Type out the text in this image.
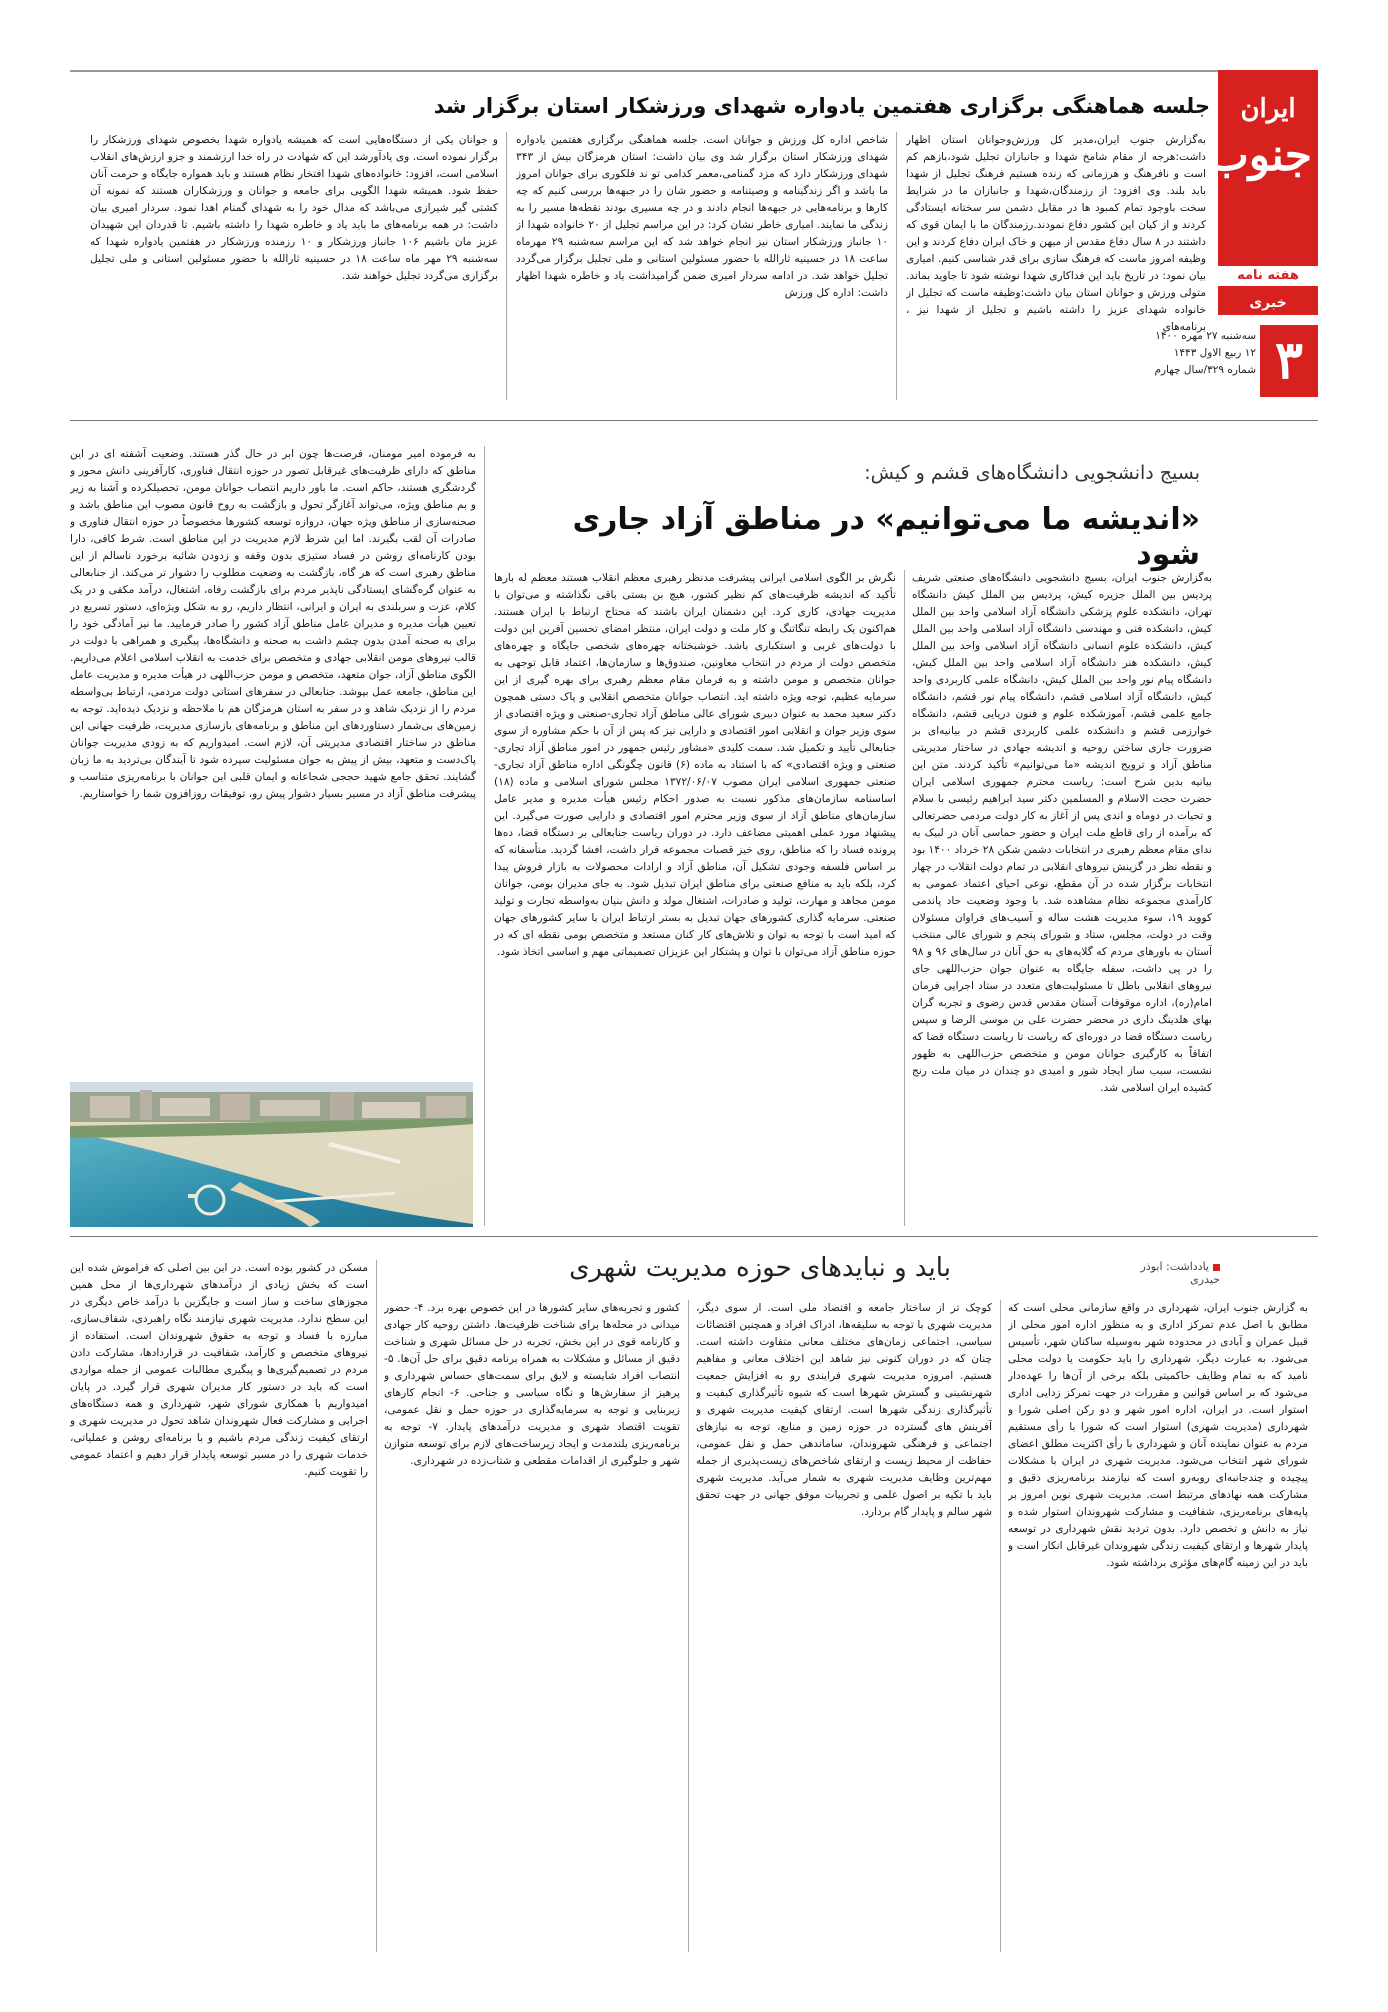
ایران
جنوب
هفته نامه
خبری
۳
سه‌شنبه ۲۷ مهره ۱۴۰۰
۱۲ ربیع الاول ۱۴۴۳
شماره ۳۲۹/سال چهارم
جلسه هماهنگی برگزاری هفتمین یادواره شهدای ورزشکار استان برگزار شد
به‌گزارش جنوب ایران،مدیر کل ورزش‌وجوانان استان اظهار داشت:هرجه از مقام شامخ شهدا و جانبازان تجلیل شود،بازهم کم است و نافرهنگ و هرزمانی که زنده هستیم فرهنگ تجلیل از شهدا باید بلند. وی افزود: از رزمندگان،شهدا و جانبازان ما در شرایط سخت باوجود تمام کمبود ها در مقابل دشمن سر سختانه ایستادگی کردند و از کیان این کشور دفاع نمودند.رزمندگان ما با ایمان قوی که داشتند در ۸ سال دفاع مقدس از میهن و خاک ایران دفاع کردند و این وظیفه امروز ماست که فرهنگ سازی برای قدر شناسی کنیم. امیاری بیان نمود: در تاریخ باید این فداکاری شهدا نوشته شود تا جاوید بماند. متولی ورزش و جوانان استان بیان داشت:وظیفه ماست که تجلیل از خانواده شهدای عزیز را داشته باشیم و تجلیل از شهدا نیز ، برنامه‌های
شاخص اداره کل ورزش و جوانان است. جلسه هماهنگی برگزاری هفتمین یادواره شهدای ورزشکار استان برگزار شد وی بیان داشت: استان هرمزگان بیش از ۳۴۳ شهدای ورزشکار دارد که مزد گمنامی،معمر کدامی تو ند فلکوری برای جوانان امروز ما باشد و اگر زندگینامه و وصیتنامه و حضور شان را در جبهه‌ها بررسی کنیم که چه کارها و برنامه‌هایی در جبهه‌ها انجام دادند و در چه مسیری بودند نقطه‌ها مسیر را به زندگی ما نمایند. امیاری خاطر نشان کرد: در این مراسم تجلیل از ۲۰ خانواده شهدا از ۱۰ جانباز ورزشکار استان نیز انجام خواهد شد که این مراسم سه‌شنبه ۲۹ مهرماه ساعت ۱۸ در حسینیه ثارالله با حضور مسئولین استانی و ملی تجلیل برگزار می‌گردد تجلیل خواهد شد. در ادامه سردار امیری ضمن گرامیداشت یاد و خاطره شهدا اظهار داشت: اداره کل ورزش
و جوانان یکی از دستگاه‌هایی است که همیشه یادواره شهدا بخصوص شهدای ورزشکار را برگزار نموده است. وی یادآورشد این که شهادت در راه خدا ارزشمند و جزو ارزش‌های انقلاب اسلامی است، افزود: خانواده‌های شهدا افتخار نظام هستند و باید همواره جایگاه و حرمت آنان حفظ شود. همیشه شهدا الگویی برای جامعه و جوانان و ورزشکاران هستند که نمونه آن کشتی گیر شیرازی می‌باشد که مدال خود را به شهدای گمنام اهدا نمود. سردار امیری بیان داشت: در همه برنامه‌های ما باید یاد و خاطره شهدا را داشته باشیم. تا قدردان این شهیدان عزیز مان باشیم ۱۰۶ جانباز ورزشکار و ۱۰ رزمنده ورزشکار در هفتمین یادواره شهدا که سه‌شنبه ۲۹ مهر ماه ساعت ۱۸ در حسینیه ثارالله با حضور مسئولین استانی و ملی تجلیل برگزاری می‌گردد تجلیل خواهند شد.
بسیج دانشجویی دانشگاه‌های قشم و کیش:
«اندیشه ما می‌توانیم» در مناطق آزاد جاری شود
به‌گزارش جنوب ایران، بسیج دانشجویی دانشگاه‌های صنعتی شریف پردیس بین الملل جزیره کیش، پردیس بین الملل کیش دانشگاه تهران، دانشکده علوم پزشکی دانشگاه آزاد اسلامی واحد بین الملل کیش، دانشکده فنی و مهندسی دانشگاه آزاد اسلامی واحد بین الملل کیش، دانشکده علوم انسانی دانشگاه آزاد اسلامی واحد بین الملل کیش، دانشکده هنر دانشگاه آزاد اسلامی واحد بین الملل کیش، دانشگاه پیام نور واحد بین الملل کیش، دانشگاه علمی کاربردی واحد کیش، دانشگاه آزاد اسلامی قشم، دانشگاه پیام نور قشم، دانشگاه جامع علمی قشم، آموزشکده علوم و فنون دریایی قشم، دانشگاه خوارزمی قشم و دانشکده علمی کاربردی قشم در بیانیه‌ای بر ضرورت جاری ساختن روحیه و اندیشه جهادی در ساختار مدیریتی مناطق آزاد و ترویج اندیشه «ما می‌توانیم» تأکید کردند. متن این بیانیه بدین شرح است: ریاست محترم جمهوری اسلامی ایران حضرت حجت الاسلام و المسلمین دکتر سید ابراهیم رئیسی با سلام و تحیات در دوماه و اندی پس از آغاز به کار دولت مردمی حضرتعالی که برآمده از رای قاطع ملت ایران و حضور حماسی آنان در لبیک به ندای مقام معظم رهبری در انتخابات دشمن شکن ۲۸ خرداد ۱۴۰۰ بود و نقطه نظر در گزینش نیروهای انقلابی در تمام دولت انقلاب در چهار انتخابات برگزار شده در آن مقطع، نوعی احیای اعتماد عمومی به کارآمدی مجموعه نظام مشاهده شد. با وجود وضعیت حاد پاندمی کووید ۱۹، سوء مدیریت هشت ساله و آسیب‌های فراوان مسئولان وقت در دولت، مجلس، ستاد و شورای پنجم و شورای عالی منتخب آستان به باورهای مردم که گلایه‌های به حق آنان در سال‌های ۹۶ و ۹۸ را در پی داشت، سفله جایگاه به عنوان جوان حزب‌اللهی جای نیروهای انقلابی باطل تا مسئولیت‌های متعدد در ستاد اجرایی فرمان امام(ره)، اداره موقوفات آستان مقدس قدس رضوی و تجربه گران بهای هلدینگ داری در محضر حضرت علی بن موسی الرضا و سپس ریاست دستگاه قضا در دوره‌ای که ریاست تا ریاست دستگاه قضا که اتفاقاً به کارگیری جوانان مومن و متخصص حزب‌اللهی به ظهور نشست، سبب ساز ایجاد شور و امیدی دو چندان در میان ملت رنج کشیده ایران اسلامی شد.
نگرش بر الگوی اسلامی ایرانی پیشرفت مدنظر رهبری معظم انقلاب هستند معظم له بارها تأکید که اندیشه ظرفیت‌های کم نظیر کشور، هیچ بن بستی باقی نگذاشته و می‌توان با مدیریت جهادی، کاری کرد. این دشمنان ایران باشند که محتاج ارتباط با ایران هستند. هم‌اکنون یک رابطه تنگاتنگ و کار ملت و دولت ایران، منتظر امضای تحسین آفرین این دولت با دولت‌های غربی و استکباری باشد. خوشبختانه چهره‌های شخصی جایگاه و چهره‌های متخصص دولت از مردم در انتخاب معاونین، صندوق‌ها و سازمان‌ها، اعتماد قابل توجهی به جوانان متخصص و مومن داشته و به فرمان مقام معظم رهبری برای بهره گیری از این سرمایه عظیم، توجه ویژه داشته اید. انتصاب جوانان متخصص انقلابی و پاک دستی همچون دکتر سعید محمد به عنوان دبیری شورای عالی مناطق آزاد تجاری-صنعتی و ویژه اقتصادی از سوی وزیر جوان و انقلابی امور اقتصادی و دارایی نیز که پس از آن با حکم مشاوره از سوی جنابعالی تأیید و تکمیل شد. سمت کلیدی «مشاور رئیس جمهور در امور مناطق آزاد تجاری-صنعتی و ویژه اقتصادی» که با استناد به ماده (۶) قانون چگونگی اداره مناطق آزاد تجاری-صنعتی جمهوری اسلامی ایران مصوب ۱۳۷۲/۰۶/۰۷ مجلس شورای اسلامی و ماده (۱۸) اساسنامه سازمان‌های مذکور نسبت به صدور احکام رئیس هیأت مدیره و مدیر عامل سازمان‌های مناطق آزاد از سوی وزیر محترم امور اقتصادی و دارایی صورت می‌گیرد. این پیشنهاد مورد عملی اهمیتی مضاعف دارد. در دوران ریاست جنابعالی بر دستگاه قضا، ده‌ها پرونده فساد را که مناطق، روی خیز قصبات مجموعه قرار داشت، افشا گردید. متأسفانه که بر اساس فلسفه وجودی تشکیل آن، مناطق آزاد و ارادات محصولات به بازار فروش پیدا کرد، بلکه باید به منافع صنعتی برای مناطق ایران تبدیل شود. به جای مدیران بومی، جوانان مومن مجاهد و مهارت، تولید و صادرات، اشتغال مولد و دانش بنیان به‌واسطه تجارت و تولید صنعتی. سرمایه گذاری کشورهای جهان تبدیل به بستر ارتباط ایران با سایر کشورهای جهان که امید است با توجه به توان و تلاش‌های کار کنان مستعد و متخصص بومی نقطه ای که در حوزه مناطق آزاد می‌توان با توان و پشتکار این عزیزان تصمیماتی مهم و اساسی اتخاذ شود.
به فرموده امیر مومنان، فرصت‌ها چون ابر در حال گذر هستند. وضعیت آشفته ای در این مناطق که دارای ظرفیت‌های غیرقابل تصور در حوزه انتقال فناوری، کارآفرینی دانش محور و گردشگری هستند، حاکم است. ما باور داریم انتصاب جوانان مومن، تحصیلکرده و آشنا به زیر و بم مناطق ویژه، می‌تواند آغازگر تحول و بازگشت به روح قانون مصوب این مناطق باشد و صحنه‌سازی از مناطق ویژه جهان، دروازه توسعه کشورها مخصوصاً در حوزه انتقال فناوری و صادرات آن لقب بگیرند. اما این شرط لازم مدیریت در این مناطق است. شرط کافی، دارا بودن کارنامه‌ای روشن در فساد ستیزی بدون وقفه و زدودن شائبه برخورد ناسالم از این مناطق رهبری است که هر گاه، بازگشت به وضعیت مطلوب را دشوار تر می‌کند. از جنابعالی به عنوان گره‌گشای ایستادگی ناپذیر مردم برای بازگشت رفاه، اشتغال، درآمد مکفی و در یک کلام، عزت و سربلندی به ایران و ایرانی، انتظار داریم، رو به شکل ویژه‌ای، دستور تسریع در تعیین هیأت مدیره و مدیران عامل مناطق آزاد کشور را صادر فرمایید. ما نیز آمادگی خود را برای به صحنه آمدن بدون چشم داشت به صحنه و دانشگاه‌ها، پیگیری و همراهی با دولت در قالب نیروهای مومن انقلابی جهادی و متخصص برای خدمت به انقلاب اسلامی اعلام می‌داریم. الگوی مناطق آزاد، جوان متعهد، متخصص و مومن حزب‌اللهی در هیأت مدیره و مدیریت عامل این مناطق، جامعه عمل بپوشد. جنابعالی در سفرهای استانی دولت مردمی، ارتباط بی‌واسطه مردم را از نزدیک شاهد و در سفر به استان هرمزگان هم با ملاحظه و نزدیک دیده‌اید. توجه به زمین‌های بی‌شمار دستاوردهای این مناطق و برنامه‌های بازسازی مدیریت، ظرفیت جهانی این مناطق در ساختار اقتصادی مدیریتی آن، لازم است. امیدواریم که به زودی مدیریت جوانان پاک‌دست و متعهد، بیش از پیش به جوان مسئولیت سپرده شود تا آیندگان بی‌تردید به ما زبان گشایند. تحقق جامع شهید حججی شجاعانه و ایمان قلبی این جوانان با برنامه‌ریزی متناسب و پیشرفت مناطق آزاد در مسیر بسیار دشوار پیش رو، توفیقات روزافزون شما را خواستاریم.
یادداشت: ابوذر حیدری
باید و نباید‌های حوزه مدیریت شهری
به گزارش جنوب ایران، شهرداری در واقع سازمانی محلی است که مطابق با اصل عدم تمرکز اداری و به منظور اداره امور محلی از قبیل عمران و آبادی در محدوده شهر به‌وسیله ساکنان شهر، تأسیس می‌شود. به عبارت دیگر، شهرداری را باید حکومت یا دولت محلی نامید که به تمام وظایف حاکمیتی بلکه برخی از آن‌ها را عهده‌دار می‌شود که بر اساس قوانین و مقررات در جهت تمرکز زدایی اداری استوار است. در ایران، اداره امور شهر و دو رکن اصلی شورا و شهرداری (مدیریت شهری) استوار است که شورا با رأی مستقیم مردم به عنوان نماینده آنان و شهرداری با رأی اکثریت مطلق اعضای شورای شهر انتخاب می‌شود. مدیریت شهری در ایران با مشکلات پیچیده و چندجانبه‌ای روبه‌رو است که نیازمند برنامه‌ریزی دقیق و مشارکت همه نهادهای مرتبط است. مدیریت شهری نوین امروز بر پایه‌های برنامه‌ریزی، شفافیت و مشارکت شهروندان استوار شده و نیاز به دانش و تخصص دارد. بدون تردید نقش شهرداری در توسعه پایدار شهرها و ارتقای کیفیت زندگی شهروندان غیرقابل انکار است و باید در این زمینه گام‌های مؤثری برداشته شود.
کوچک تر از ساختار جامعه و اقتصاد ملی است. از سوی دیگر، مدیریت شهری با توجه به سلیقه‌ها، ادراک افراد و همچنین اقتضائات سیاسی، اجتماعی زمان‌های مختلف معانی متفاوت داشته است. چنان که در دوران کنونی نیز شاهد این اختلاف معانی و مفاهیم هستیم. امروزه مدیریت شهری فرایندی رو به افزایش جمعیت شهرنشینی و گسترش شهرها است که شیوه تأثیرگذاری کیفیت و تأثیرگذاری زندگی شهرها است. ارتقای کیفیت مدیریت شهری و آفرینش های گسترده در حوزه زمین و منابع، توجه به نیازهای اجتماعی و فرهنگی شهروندان، ساماندهی حمل و نقل عمومی، حفاظت از محیط زیست و ارتقای شاخص‌های زیست‌پذیری از جمله مهم‌ترین وظایف مدیریت شهری به شمار می‌آید. مدیریت شهری باید با تکیه بر اصول علمی و تجربیات موفق جهانی در جهت تحقق شهر سالم و پایدار گام بردارد.
کشور و تجربه‌های سایر کشورها در این خصوص بهره برد. ۴- حضور میدانی در محله‌ها برای شناخت ظرفیت‌ها. داشتن روحیه کار جهادی و کارنامه قوی در این بخش، تجربه در حل مسائل شهری و شناخت دقیق از مسائل و مشکلات به همراه برنامه دقیق برای حل آن‌ها. ۵- انتصاب افراد شایسته و لایق برای سمت‌های حساس شهرداری و پرهیز از سفارش‌ها و نگاه سیاسی و جناحی. ۶- انجام کارهای زیربنایی و توجه به سرمایه‌گذاری در حوزه حمل و نقل عمومی، تقویت اقتصاد شهری و مدیریت درآمدهای پایدار. ۷- توجه به برنامه‌ریزی بلندمدت و ایجاد زیرساخت‌های لازم برای توسعه متوازن شهر و جلوگیری از اقدامات مقطعی و شتاب‌زده در شهرداری.
مسکن در کشور بوده است. در این بین اصلی که فراموش شده این است که بخش زیادی از درآمدهای شهرداری‌ها از محل همین مجوزهای ساخت و ساز است و جایگزین با درآمد خاص دیگری در این سطح ندارد. مدیریت شهری نیازمند نگاه راهبردی، شفاف‌سازی، مبارزه با فساد و توجه به حقوق شهروندان است. استفاده از نیروهای متخصص و کارآمد، شفافیت در قراردادها، مشارکت دادن مردم در تصمیم‌گیری‌ها و پیگیری مطالبات عمومی از جمله مواردی است که باید در دستور کار مدیران شهری قرار گیرد. در پایان امیدواریم با همکاری شورای شهر، شهرداری و همه دستگاه‌های اجرایی و مشارکت فعال شهروندان شاهد تحول در مدیریت شهری و ارتقای کیفیت زندگی مردم باشیم و با برنامه‌ای روشن و عملیاتی، خدمات شهری را در مسیر توسعه پایدار قرار دهیم و اعتماد عمومی را تقویت کنیم.
